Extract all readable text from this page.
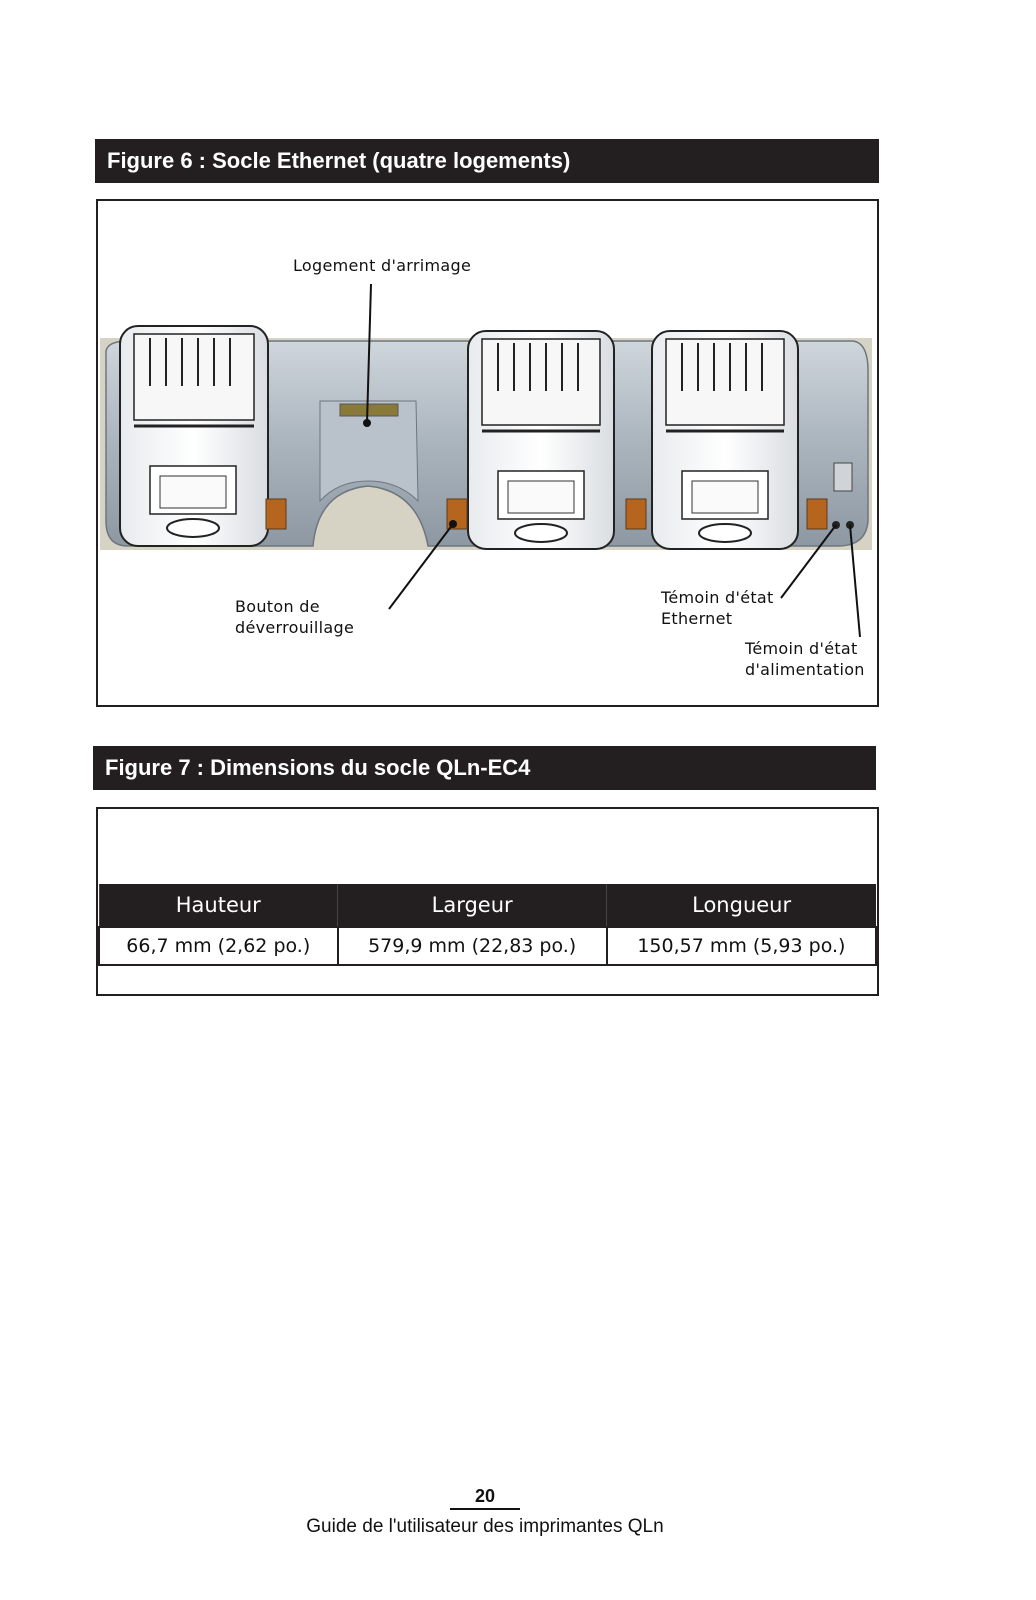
Figure 6 : Socle Ethernet (quatre logements)
Logement d'arrimage
Bouton de
déverrouillage
Témoin d'état
Ethernet
Témoin d'état
d'alimentation
Figure 7 : Dimensions du socle QLn-EC4
Hauteur	Largeur	Longueur
66,7 mm (2,62 po.)	579,9 mm (22,83 po.)	150,57 mm (5,93 po.)
20
Guide de l'utilisateur des imprimantes QLn
